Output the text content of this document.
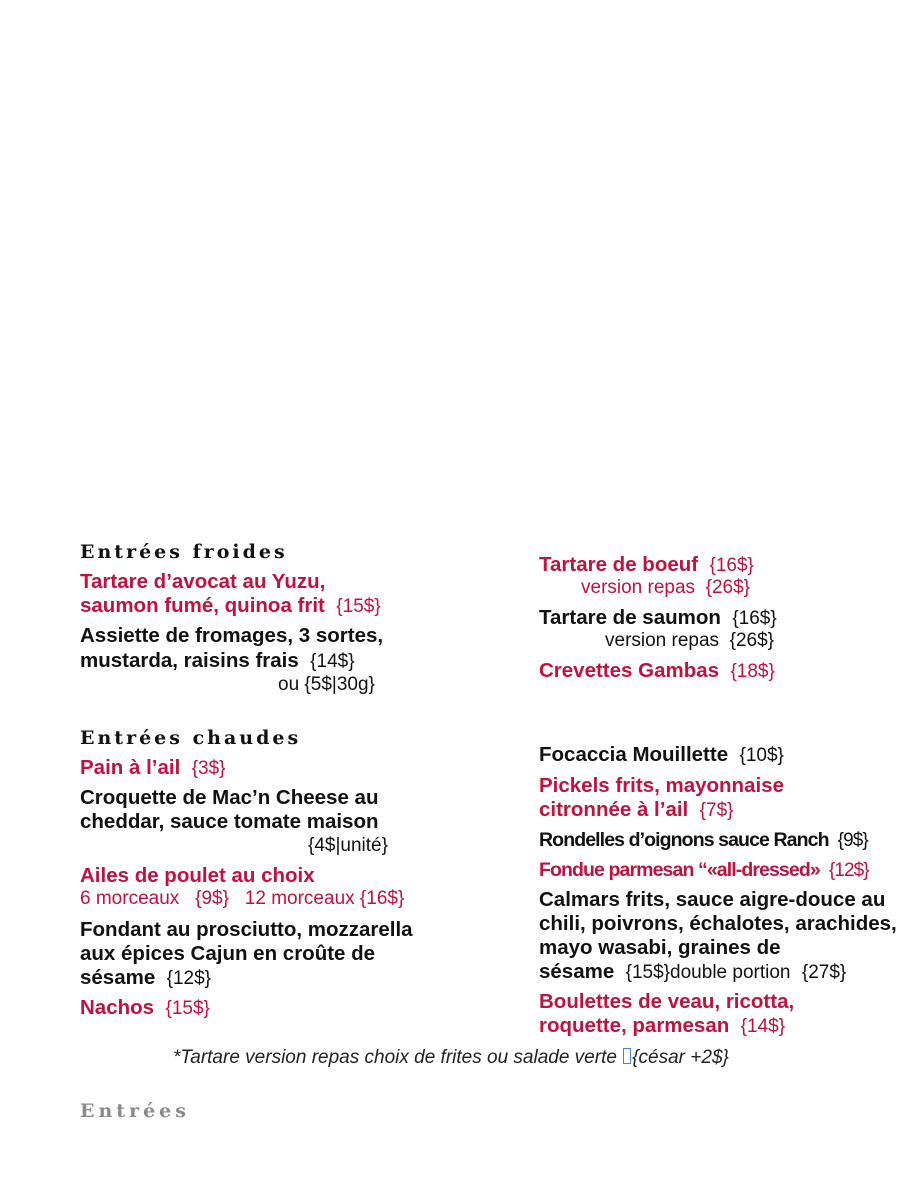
Entrées froides
Tartare d’avocat au Yuzu,
saumon fumé, quinoa frit {15$}
Assiette de fromages, 3 sortes,
mustarda, raisins frais {14$}
ou {5$|30g}
Entrées chaudes
Pain à l’ail {3$}
Croquette de Mac’n Cheese au
cheddar, sauce tomate maison
{4$|unité}
Ailes de poulet au choix
6 morceaux {9$} 12 morceaux {16$}
Fondant au prosciutto, mozzarella
aux épices Cajun en croûte de
sésame {12$}
Nachos {15$}
Tartare de boeuf {16$}
version repas {26$}
Tartare de saumon {16$}
version repas {26$}
Crevettes Gambas {18$}
Focaccia Mouillette {10$}
Pickels frits, mayonnaise
citronnée à l’ail {7$}
Rondelles d’oignons sauce Ranch {9$}
Fondue parmesan “«all-dressed» {12$}
Calmars frits, sauce aigre-douce au
chili, poivrons, échalotes, arachides,
mayo wasabi, graines de
sésame {15$}double portion {27$}
Boulettes de veau, ricotta,
roquette, parmesan {14$}
*Tartare version repas choix de frites ou salade verte {césar +2$}
Entrées
